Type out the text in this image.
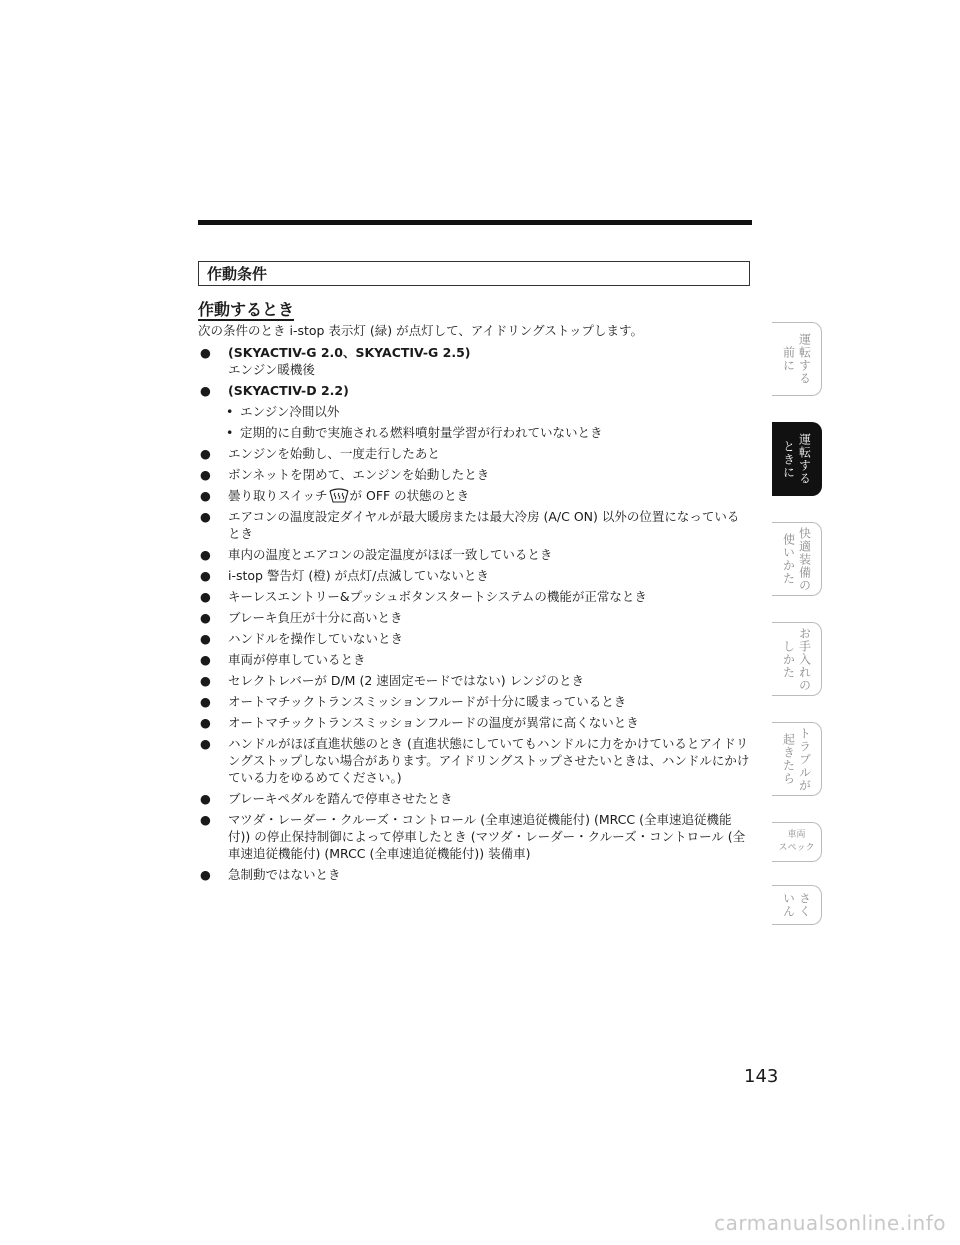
作動条件
作動するとき

次の条件のとき i-stop 表示灯 (緑) が点灯して、アイドリングストップします。

● (SKYACTIV-G 2.0、SKYACTIV-G 2.5)
エンジン暖機後
● (SKYACTIV-D 2.2)
• エンジン冷間以外
• 定期的に自動で実施される燃料噴射量学習が行われていないとき
● エンジンを始動し、一度走行したあと
● ボンネットを閉めて、エンジンを始動したとき
● 曇り取りスイッチ が OFF の状態のとき
● エアコンの温度設定ダイヤルが最大暖房または最大冷房 (A/C ON) 以外の位置になっているとき
● 車内の温度とエアコンの設定温度がほぼ一致しているとき
● i-stop 警告灯 (橙) が点灯/点滅していないとき
● キーレスエントリー&プッシュボタンスタートシステムの機能が正常なとき
● ブレーキ負圧が十分に高いとき
● ハンドルを操作していないとき
● 車両が停車しているとき
● セレクトレバーが D/M (2 速固定モードではない) レンジのとき
● オートマチックトランスミッションフルードが十分に暖まっているとき
● オートマチックトランスミッションフルードの温度が異常に高くないとき
● ハンドルがほぼ直進状態のとき (直進状態にしていてもハンドルに力をかけているとアイドリングストップしない場合があります。アイドリングストップさせたいときは、ハンドルにかけている力をゆるめてください。)
● ブレーキペダルを踏んで停車させたとき
● マツダ・レーダー・クルーズ・コントロール (全車速追従機能付) (MRCC (全車速追従機能付)) の停止保持制御によって停車したとき (マツダ・レーダー・クルーズ・コントロール (全車速追従機能付) (MRCC (全車速追従機能付)) 装備車)
● 急制動ではないとき
運転する
前に
運転する
ときに
快適装備の
使いかた
お手入れの
しかた
トラブルが
起きたら
車両
スペック
さく
いん
143
carmanualsonline.info
